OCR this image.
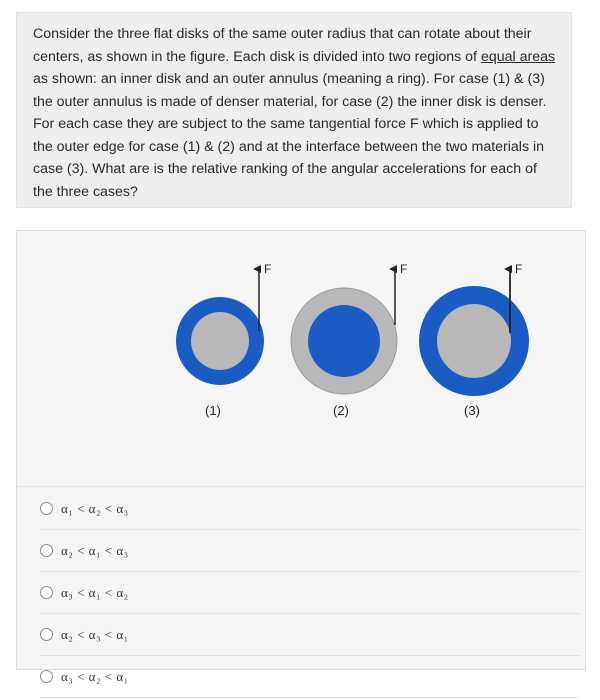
Consider the three flat disks of the same outer radius that can rotate about their centers, as shown in the figure. Each disk is divided into two regions of equal areas as shown: an inner disk and an outer annulus (meaning a ring). For case (1) & (3) the outer annulus is made of denser material, for case (2) the inner disk is denser. For each case they are subject to the same tangential force F which is applied to the outer edge for case (1) & (2) and at the interface between the two materials in case (3). What are is the relative ranking of the angular accelerations for each of the three cases?

F
(1)
F
(2)
F
(3)
α₁ < α₂ < α₃
α₂ < α₁ < α₃
α₃ < α₁ < α₂
α₂ < α₃ < α₁
α₃ < α₂ < α₁
